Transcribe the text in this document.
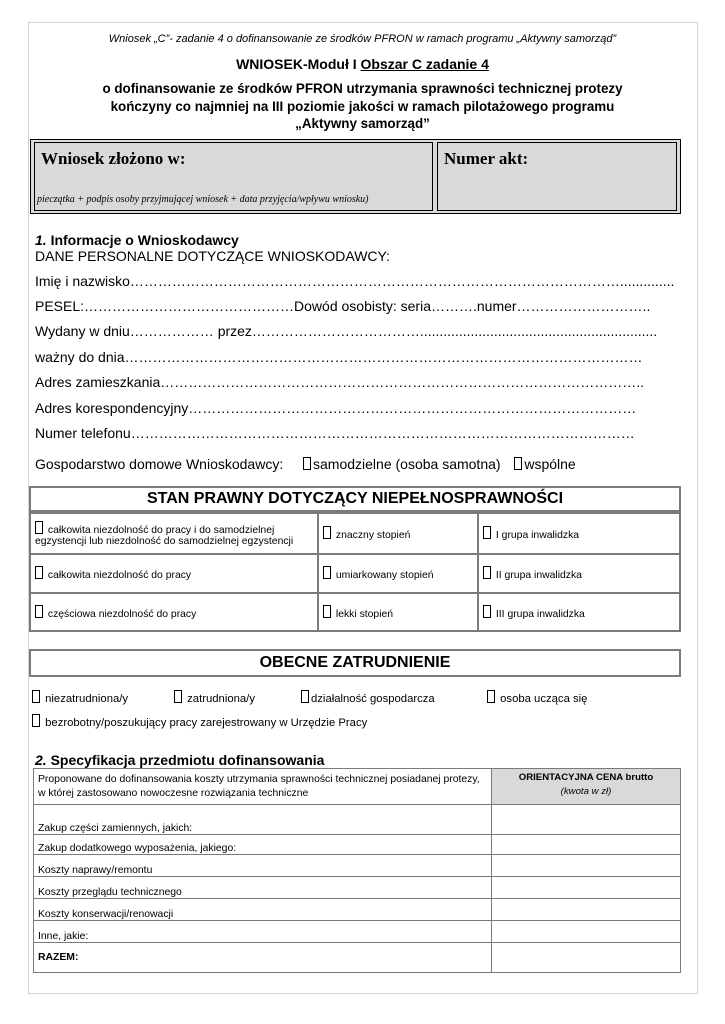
Wniosek „C”- zadanie 4 o dofinansowanie ze środków PFRON w ramach programu „Aktywny samorząd”
WNIOSEK-Moduł I Obszar C zadanie 4
o dofinansowanie ze środków PFRON utrzymania sprawności technicznej protezy
kończyny co najmniej na III poziomie jakości w ramach pilotażowego programu
„Aktywny samorząd”
Wniosek złożono w:
pieczątka + podpis osoby przyjmującej wniosek + data przyjęcia/wpływu wniosku)
Numer akt:
1. Informacje o Wnioskodawcy
DANE PERSONALNE DOTYCZĄCE WNIOSKODAWCY:
Imię i nazwisko……………………………………………………………………………………………..............
PESEL:………………………………………Dowód osobisty: seria……….numer………………………..
Wydany w dniu……………… przez……………………………….............................................................
ważny do dnia…………………………………………………………………………………………………
Adres zamieszkania…………………………………………………………………………………………..
Adres korespondencyjny……………………………………………………………………………………
Numer telefonu………………………………………………………………………………………………
Gospodarstwo domowe Wnioskodawcy: samodzielne (osoba samotna) wspólne
STAN PRAWNY DOTYCZĄCY NIEPEŁNOSPRAWNOŚCI
całkowita niezdolność do pracy i do samodzielnej egzystencji lub niezdolność do samodzielnej egzystencji	znaczny stopień	I grupa inwalidzka
całkowita niezdolność do pracy	umiarkowany stopień	II grupa inwalidzka
częściowa niezdolność do pracy	lekki stopień	III grupa inwalidzka
OBECNE ZATRUDNIENIE
niezatrudniona/y	zatrudniona/y	działalność gospodarcza	osoba ucząca się
bezrobotny/poszukujący pracy zarejestrowany w Urzędzie Pracy
2. Specyfikacja przedmiotu dofinansowania
Proponowane do dofinansowania koszty utrzymania sprawności technicznej posiadanej protezy, w której zastosowano nowoczesne rozwiązania techniczne	ORIENTACYJNA CENA brutto
(kwota w zł)

Zakup części zamiennych, jakich:	
Zakup dodatkowego wyposażenia, jakiego:	
Koszty naprawy/remontu	
Koszty przeglądu technicznego	
Koszty konserwacji/renowacji	
Inne, jakie:	
RAZEM:	
